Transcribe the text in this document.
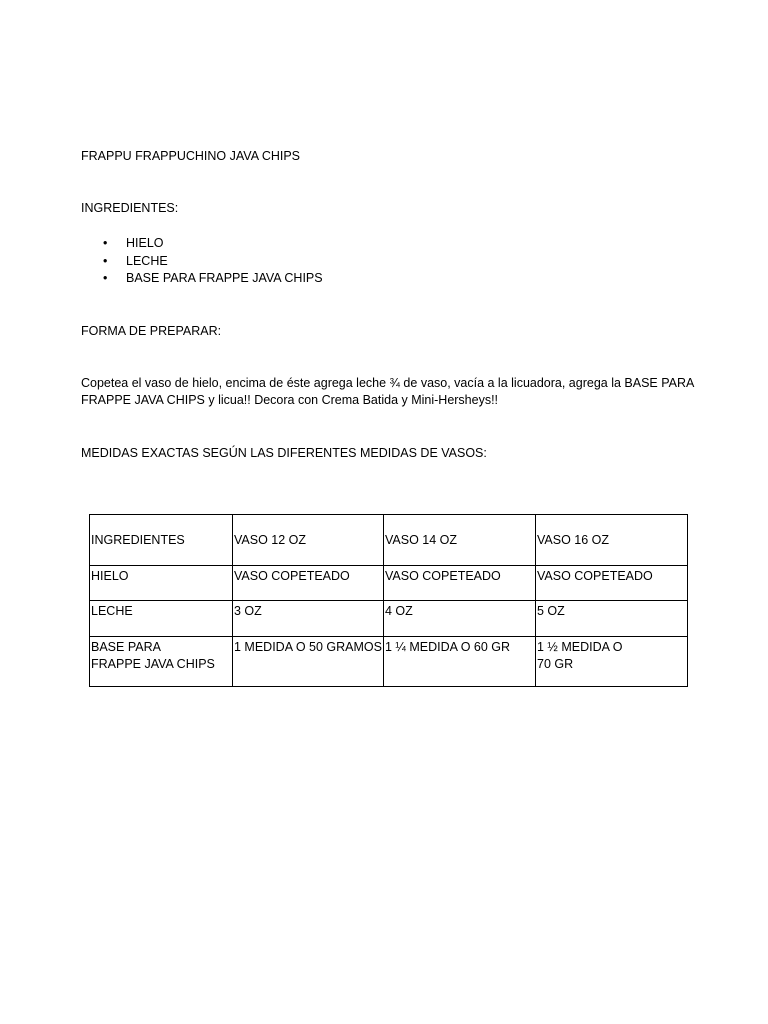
FRAPPU FRAPPUCHINO JAVA CHIPS

INGREDIENTES:

• HIELO
• LECHE
• BASE PARA FRAPPE JAVA CHIPS

FORMA DE PREPARAR:

Copetea el vaso de hielo, encima de éste agrega leche ¾ de vaso, vacía a la licuadora, agrega la BASE PARA
FRAPPE JAVA CHIPS y licua!! Decora con Crema Batida y Mini-Hersheys!!

MEDIDAS EXACTAS SEGÚN LAS DIFERENTES MEDIDAS DE VASOS:

INGREDIENTES	VASO 12 OZ	VASO 14 OZ	VASO 16 OZ
HIELO	VASO COPETEADO	VASO COPETEADO	VASO COPETEADO
LECHE	3 OZ	4 OZ	5 OZ
BASE PARA
FRAPPE JAVA CHIPS	1 MEDIDA O 50 GRAMOS	1 ¼ MEDIDA O 60 GR	1 ½ MEDIDA O
70 GR
